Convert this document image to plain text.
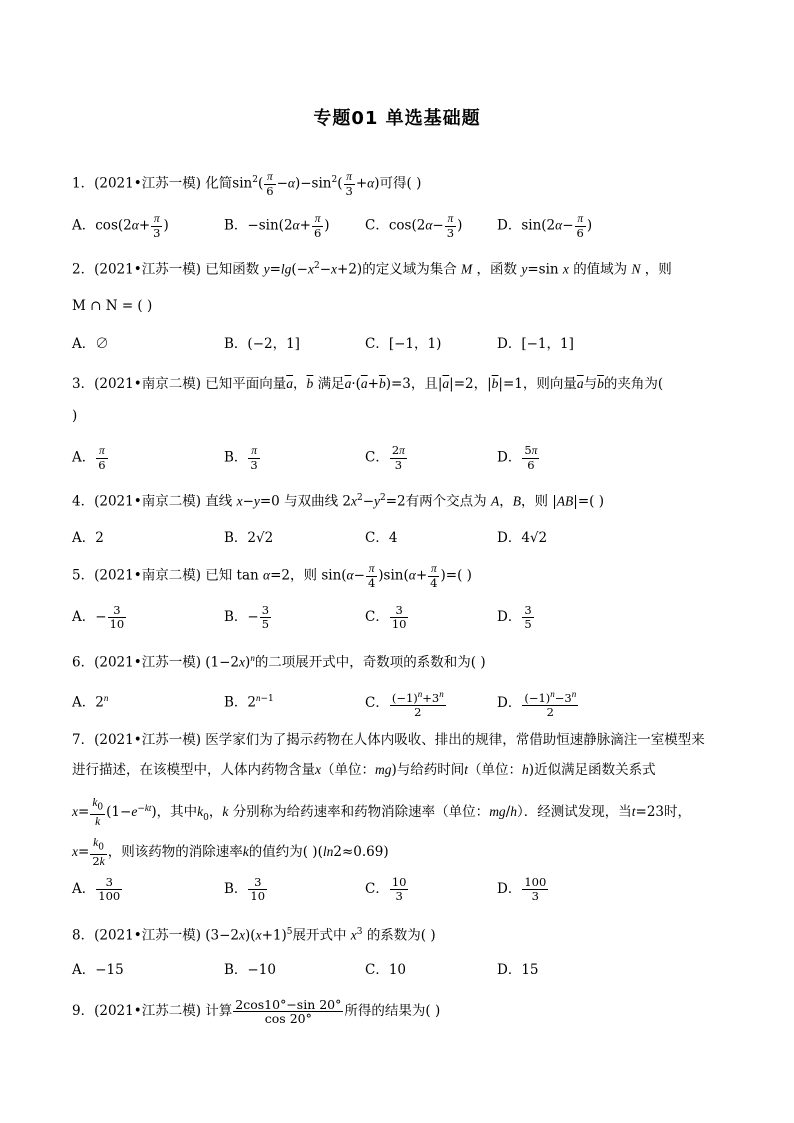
专题01 单选基础题
1．(2021•江苏一模) 化简$\sin^2( \frac{\pi}{6} -\alpha)-\sin^2( \frac{\pi}{3} +\alpha)$可得( )
A．$\cos(2\alpha+ \frac{\pi}{3}$ )	B．$-\sin(2\alpha+ \frac{\pi}{6}$ )	C．$\cos(2\alpha- \frac{\pi}{3}$ )	D．$\sin(2\alpha- \frac{\pi}{6}$ )
2．(2021•江苏一模) 已知函数 $y=\lg(-x^2-x+2)$的定义域为集合 M ，函数 y=sin x 的值域为 N ，则
M ∩ N = ( )
A．∅	B．(−2，1]	C．[−1，1)	D．[−1，1]
3．(2021•南京二模) 已知平面向量$\overline{a}$，$\overline{b}$ 满足$\overline{a}\cdot(\overline{a}+\overline{b})=3$，且$|\overline{a}|=2$，$|\overline{b}|=1$，则向量$\overline{a}$与$\overline{b}$的夹角为(
)
A． $\frac{\pi}{6}$	B． $\frac{\pi}{3}$	C． $\frac{2\pi}{3}$	D． $\frac{5\pi}{6}$
4．(2021•南京二模) 直线 x−y=0 与双曲线 $2x^2-y^2=2$有两个交点为 A，B，则 |AB|=( )
A．2	B．2√2	C．4	D．4√2
5．(2021•南京二模) 已知 tan α=2，则 $\sin(\alpha- \frac{\pi}{4} )\sin(\alpha+ \frac{\pi}{4}$ )=( )
A．− $\frac{3}{10}$	B．− $\frac{3}{5}$	C． $\frac{3}{10}$	D． $\frac{3}{5}$
6．(2021•江苏一模) $(1-2x)^n$的二项展开式中，奇数项的系数和为( )
A．2$^n$	B．$2^{n-1}$	C． $\frac{(-1)^n+3^n}{2}$	D． $\frac{(-1)^n-3^n}{2}$
7．(2021•江苏一模) 医学家们为了揭示药物在人体内吸收、排出的规律，常借助恒速静脉滴注一室模型来
进行描述，在该模型中，人体内药物含量x（单位：mg)与给药时间t（单位：h)近似满足函数关系式
$x= \frac{k_0}{k} (1-e^{-kt})$，其中$k_0$，k 分别称为给药速率和药物消除速率（单位：mg/h）．经测试发现，当t=23时，
$x= \frac{k_0}{2k}$ ，则该药物的消除速率k的值约为( )(ln2≈0.69)
A． $\frac{3}{100}$	B． $\frac{3}{10}$	C． $\frac{10}{3}$	D． $\frac{100}{3}$
8．(2021•江苏一模) $(3-2x)(x+1)^5$展开式中 $x^3$ 的系数为( )
A．−15	B．−10	C．10	D．15
9．(2021•江苏二模) 计算 $\frac{2\cos 10^\circ-\sin 20^\circ}{\cos 20^\circ}$ 所得的结果为( )
